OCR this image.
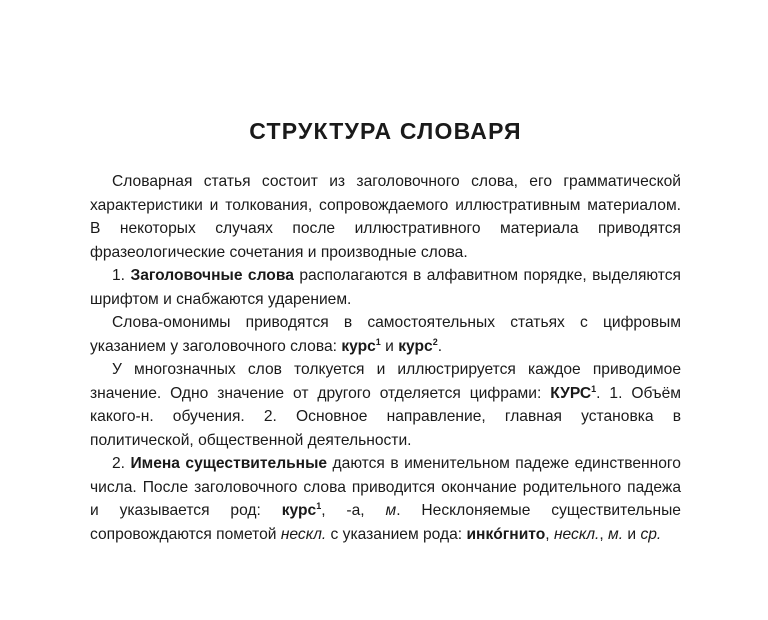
СТРУКТУРА СЛОВАРЯ

Словарная статья состоит из заголовочного слова, его грамматической характеристики и толкования, сопровождаемого иллюстративным материалом. В некоторых случаях после иллюстративного материала приводятся фразеологические сочетания и производные слова.

1. Заголовочные слова располагаются в алфавитном порядке, выделяются шрифтом и снабжаются ударением.

Слова-омонимы приводятся в самостоятельных статьях с цифровым указанием у заголовочного слова: курс$^1$ и курс$^2$.

У многозначных слов толкуется и иллюстрируется каждое приводимое значение. Одно значение от другого отделяется цифрами: КУРС$^1$. 1. Объём какого-н. обучения. 2. Основное направление, главная установка в политической, общественной деятельности.

2. Имена существительные даются в именительном падеже единственного числа. После заголовочного слова приводится окончание родительного падежа и указывается род: курс$^1$, -а, м. Несклоняемые существительные сопровождаются пометой нескл. с указанием рода: инкóгнито, нескл., м. и ср.
